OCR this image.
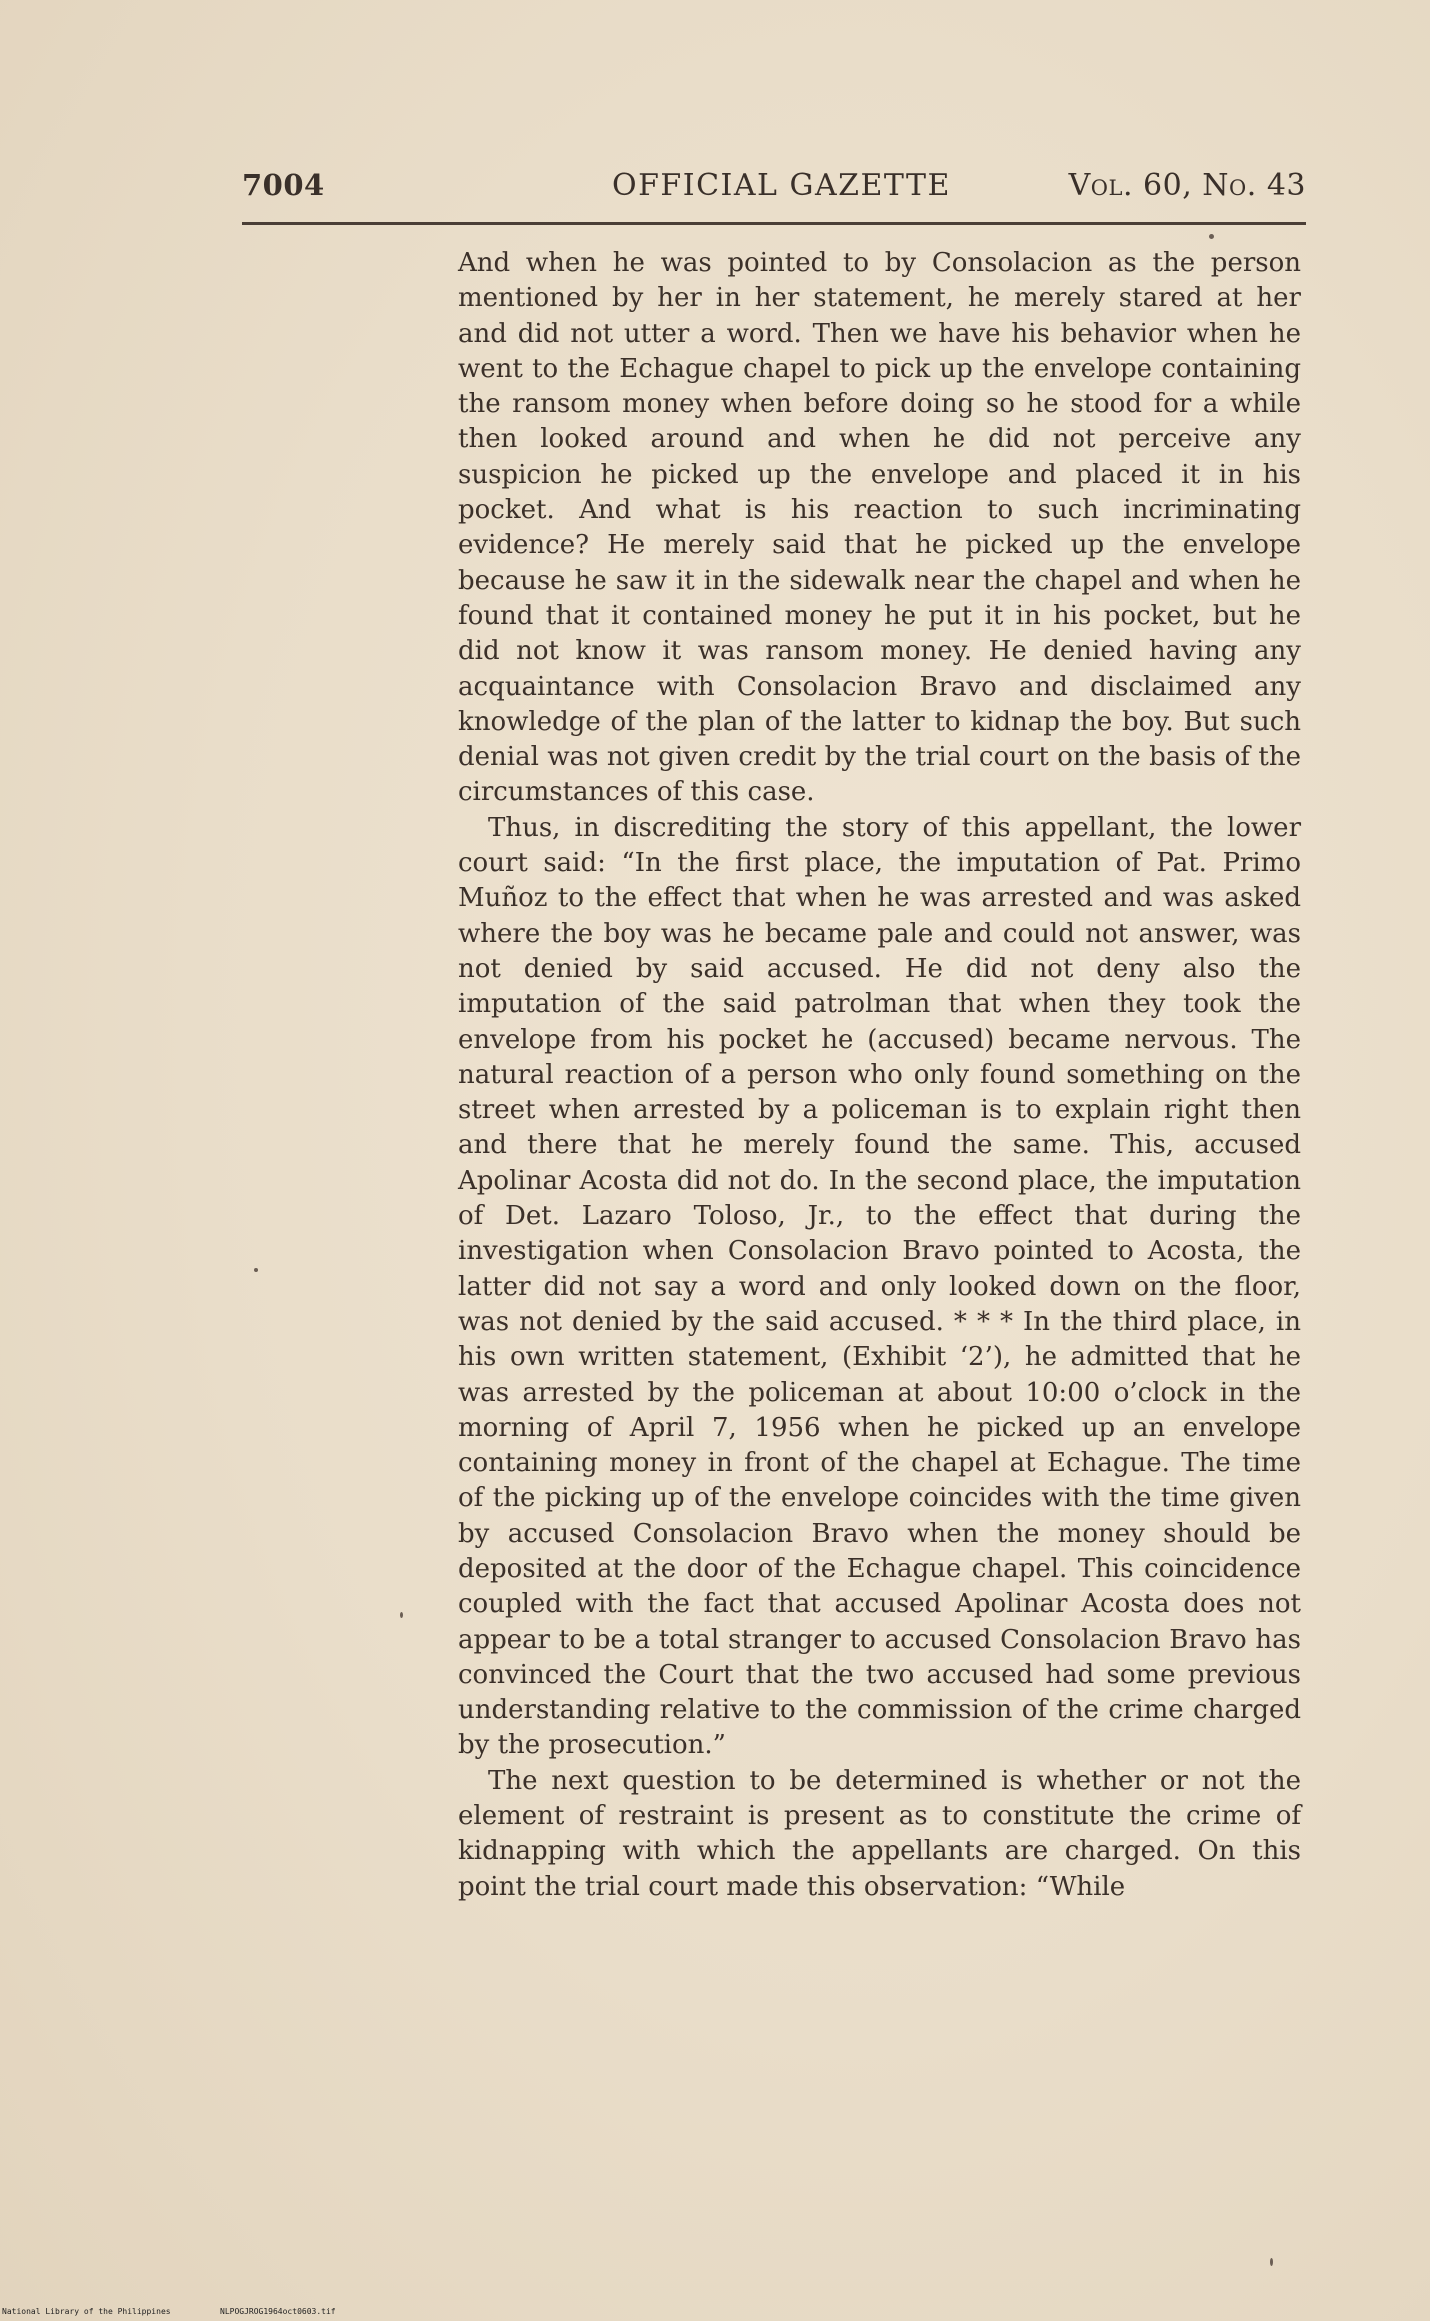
7004	OFFICIAL GAZETTE	Vol. 60, No. 43

And when he was pointed to by Consolacion as the person mentioned by her in her statement, he merely stared at her and did not utter a word. Then we have his behavior when he went to the Echague chapel to pick up the envelope containing the ransom money when before doing so he stood for a while then looked around and when he did not perceive any suspicion he picked up the envelope and placed it in his pocket. And what is his reaction to such incriminating evidence? He merely said that he picked up the envelope because he saw it in the sidewalk near the chapel and when he found that it contained money he put it in his pocket, but he did not know it was ransom money. He denied having any acquaintance with Consolacion Bravo and disclaimed any knowledge of the plan of the latter to kidnap the boy. But such denial was not given credit by the trial court on the basis of the circumstances of this case.

Thus, in discrediting the story of this appellant, the lower court said: “In the first place, the imputation of Pat. Primo Muñoz to the effect that when he was arrested and was asked where the boy was he became pale and could not answer, was not denied by said accused. He did not deny also the imputation of the said patrolman that when they took the envelope from his pocket he (accused) became nervous. The natural reaction of a person who only found something on the street when arrested by a policeman is to explain right then and there that he merely found the same. This, accused Apolinar Acosta did not do. In the second place, the imputation of Det. Lazaro Toloso, Jr., to the effect that during the investigation when Consolacion Bravo pointed to Acosta, the latter did not say a word and only looked down on the floor, was not denied by the said accused. * * * In the third place, in his own written statement, (Exhibit ‘2’), he admitted that he was arrested by the policeman at about 10:00 o’clock in the morning of April 7, 1956 when he picked up an envelope containing money in front of the chapel at Echague. The time of the picking up of the envelope coincides with the time given by accused Consolacion Bravo when the money should be deposited at the door of the Echague chapel. This coincidence coupled with the fact that accused Apolinar Acosta does not appear to be a total stranger to accused Consolacion Bravo has convinced the Court that the two accused had some previous understanding relative to the commission of the crime charged by the prosecution.”

The next question to be determined is whether or not the element of restraint is present as to constitute the crime of kidnapping with which the appellants are charged. On this point the trial court made this observation: “While

National Library of the Philippines	NLPOGJROG1964oct0603.tif
